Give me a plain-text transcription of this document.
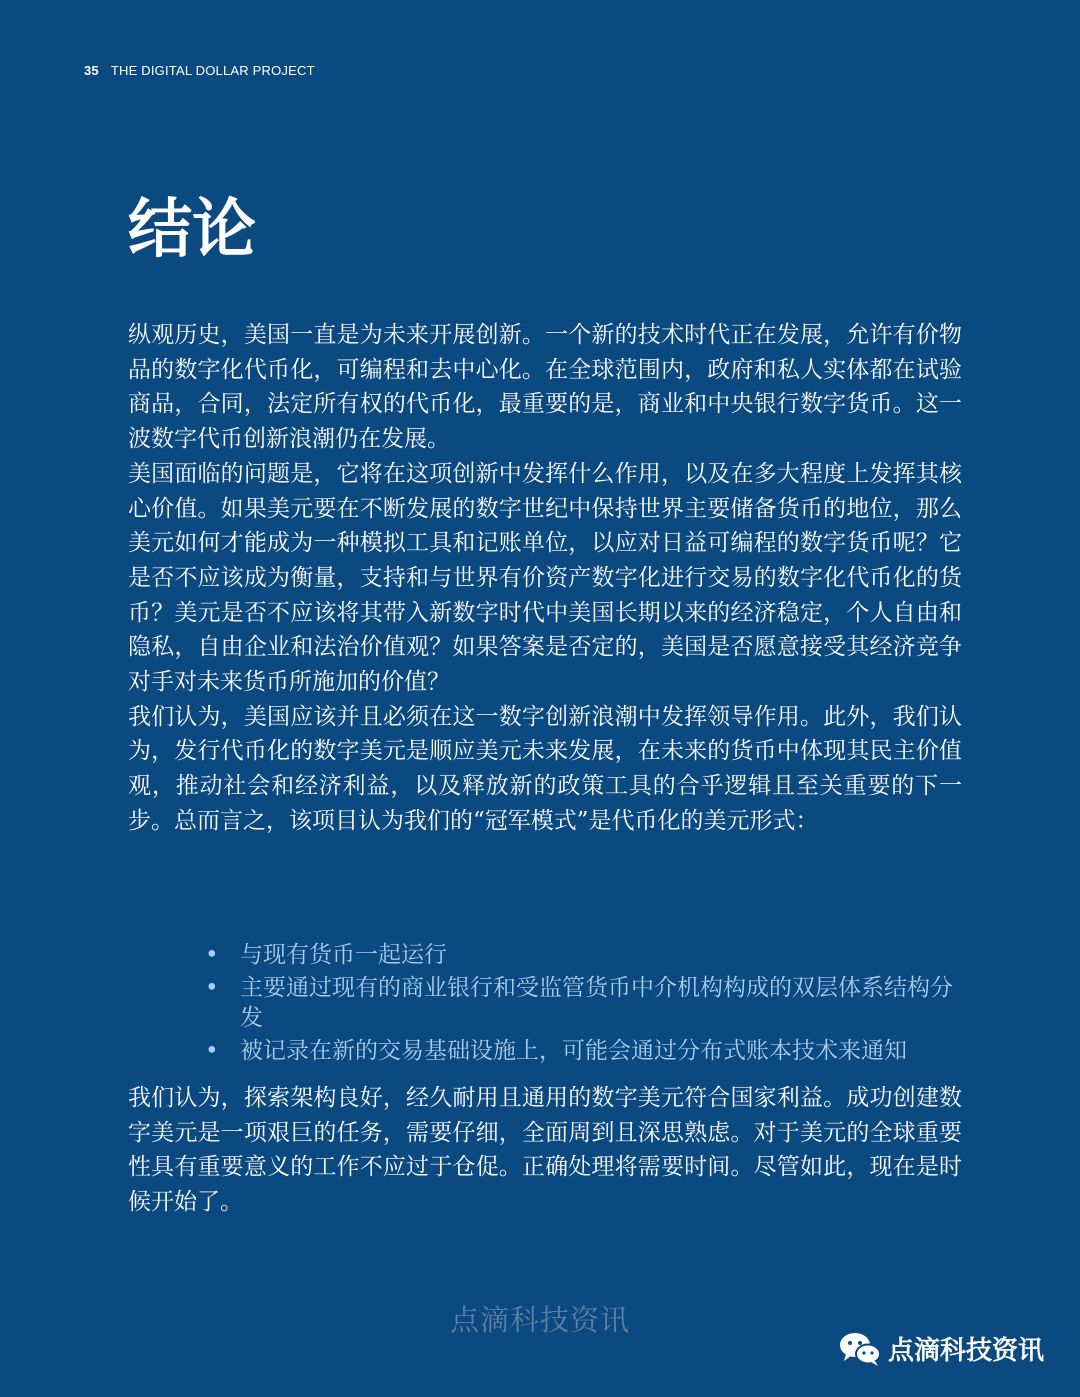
35 THE DIGITAL DOLLAR PROJECT
结论

纵观历史，美国一直是为未来开展创新。一个新的技术时代正在发展，允许有价物品的数字化代币化，可编程和去中心化。在全球范围内，政府和私人实体都在试验商品，合同，法定所有权的代币化，最重要的是，商业和中央银行数字货币。这一波数字代币创新浪潮仍在发展。

美国面临的问题是，它将在这项创新中发挥什么作用，以及在多大程度上发挥其核心价值。如果美元要在不断发展的数字世纪中保持世界主要储备货币的地位，那么美元如何才能成为一种模拟工具和记账单位，以应对日益可编程的数字货币呢？它是否不应该成为衡量，支持和与世界有价资产数字化进行交易的数字化代币化的货币？美元是否不应该将其带入新数字时代中美国长期以来的经济稳定，个人自由和隐私，自由企业和法治价值观？如果答案是否定的，美国是否愿意接受其经济竞争对手对未来货币所施加的价值？

我们认为，美国应该并且必须在这一数字创新浪潮中发挥领导作用。此外，我们认为，发行代币化的数字美元是顺应美元未来发展，在未来的货币中体现其民主价值观，推动社会和经济利益，以及释放新的政策工具的合乎逻辑且至关重要的下一步。总而言之，该项目认为我们的“冠军模式”是代币化的美元形式：

• 与现有货币一起运行
• 主要通过现有的商业银行和受监管货币中介机构构成的双层体系结构分发
• 被记录在新的交易基础设施上，可能会通过分布式账本技术来通知

我们认为，探索架构良好，经久耐用且通用的数字美元符合国家利益。成功创建数字美元是一项艰巨的任务，需要仔细，全面周到且深思熟虑。对于美元的全球重要性具有重要意义的工作不应过于仓促。正确处理将需要时间。尽管如此，现在是时候开始了。

点滴科技资讯
点滴科技资讯
